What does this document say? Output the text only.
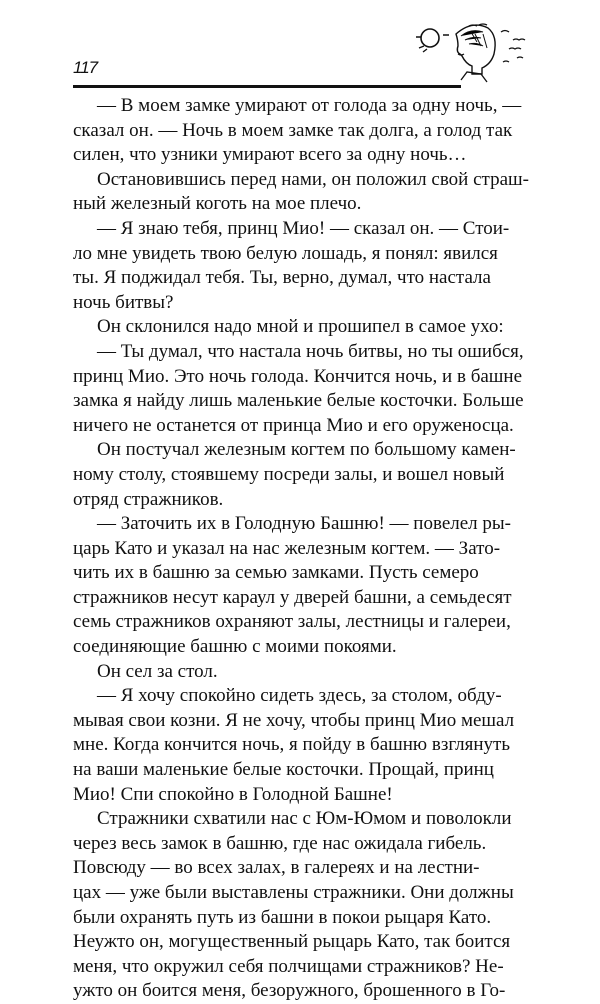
117
— В моем замке умирают от голода за одну ночь, —
сказал он. — Ночь в моем замке так долга, а голод так
силен, что узники умирают всего за одну ночь…
Остановившись перед нами, он положил свой страш-
ный железный коготь на мое плечо.
— Я знаю тебя, принц Мио! — сказал он. — Стои-
ло мне увидеть твою белую лошадь, я понял: явился
ты. Я поджидал тебя. Ты, верно, думал, что настала
ночь битвы?
Он склонился надо мной и прошипел в самое ухо:
— Ты думал, что настала ночь битвы, но ты ошибся,
принц Мио. Это ночь голода. Кончится ночь, и в башне
замка я найду лишь маленькие белые косточки. Больше
ничего не останется от принца Мио и его оруженосца.
Он постучал железным когтем по большому камен-
ному столу, стоявшему посреди залы, и вошел новый
отряд стражников.
— Заточить их в Голодную Башню! — повелел ры-
царь Като и указал на нас железным когтем. — Зато-
чить их в башню за семью замками. Пусть семеро
стражников несут караул у дверей башни, а семьдесят
семь стражников охраняют залы, лестницы и галереи,
соединяющие башню с моими покоями.
Он сел за стол.
— Я хочу спокойно сидеть здесь, за столом, обду-
мывая свои козни. Я не хочу, чтобы принц Мио мешал
мне. Когда кончится ночь, я пойду в башню взглянуть
на ваши маленькие белые косточки. Прощай, принц
Мио! Спи спокойно в Голодной Башне!
Стражники схватили нас с Юм-Юмом и поволокли
через весь замок в башню, где нас ожидала гибель.
Повсюду — во всех залах, в галереях и на лестни-
цах — уже были выставлены стражники. Они должны
были охранять путь из башни в покои рыцаря Като.
Неужто он, могущественный рыцарь Като, так боится
меня, что окружил себя полчищами стражников? Не-
ужто он боится меня, безоружного, брошенного в Го-
